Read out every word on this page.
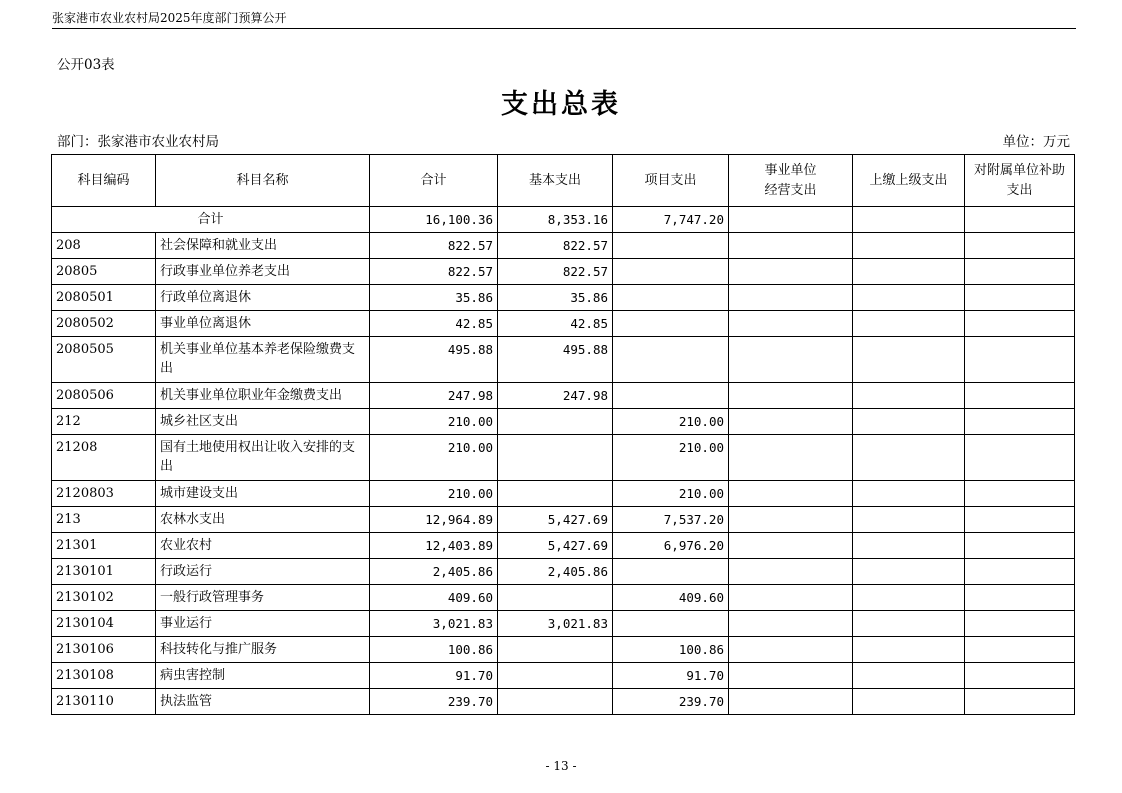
张家港市农业农村局2025年度部门预算公开
公开03表
支出总表
部门：张家港市农业农村局	单位：万元
科目编码	科目名称	合计	基本支出	项目支出	事业单位经营支出	上缴上级支出	对附属单位补助支出
合计		16,100.36	8,353.16	7,747.20			
208	社会保障和就业支出	822.57	822.57				
20805	行政事业单位养老支出	822.57	822.57				
2080501	行政单位离退休	35.86	35.86				
2080502	事业单位离退休	42.85	42.85				
2080505	机关事业单位基本养老保险缴费支出	495.88	495.88				
2080506	机关事业单位职业年金缴费支出	247.98	247.98				
212	城乡社区支出	210.00		210.00			
21208	国有土地使用权出让收入安排的支出	210.00		210.00			
2120803	城市建设支出	210.00		210.00			
213	农林水支出	12,964.89	5,427.69	7,537.20			
21301	农业农村	12,403.89	5,427.69	6,976.20			
2130101	行政运行	2,405.86	2,405.86				
2130102	一般行政管理事务	409.60		409.60			
2130104	事业运行	3,021.83	3,021.83				
2130106	科技转化与推广服务	100.86		100.86			
2130108	病虫害控制	91.70		91.70			
2130110	执法监管	239.70		239.70			
- 13 -
